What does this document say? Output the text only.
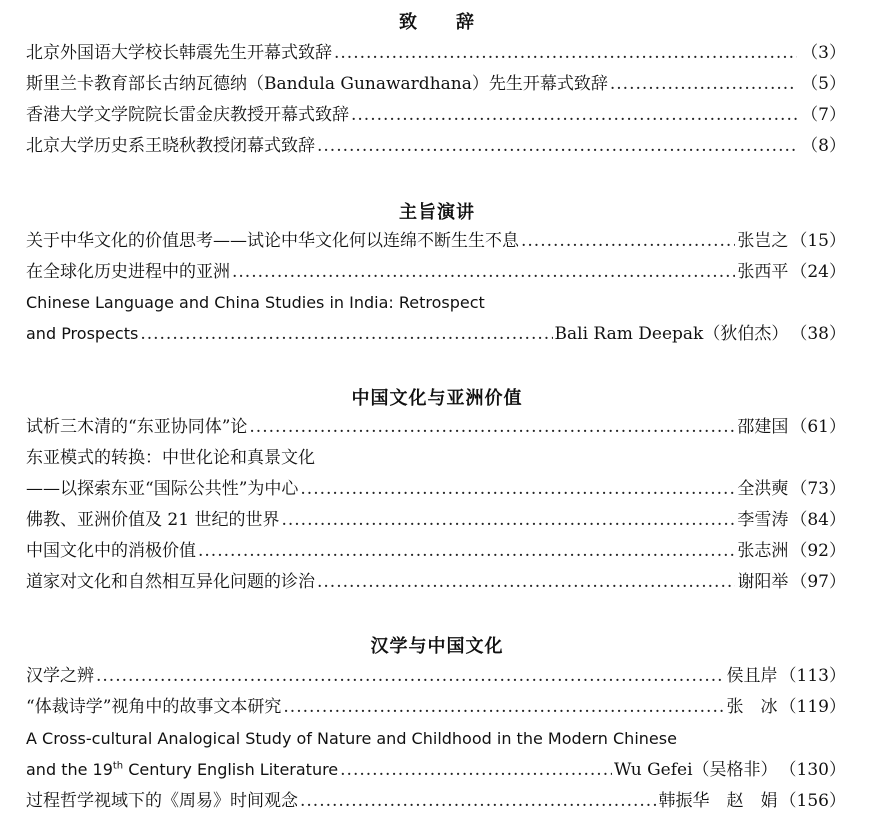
致　　辞
北京外国语大学校长韩震先生开幕式致辞 .....	（3）
斯里兰卡教育部长古纳瓦德纳（Bandula Gunawardhana）先生开幕式致辞 .....	（5）
香港大学文学院院长雷金庆教授开幕式致辞 .....	（7）
北京大学历史系王晓秋教授闭幕式致辞 .....	（8）
主旨演讲
关于中华文化的价值思考——试论中华文化何以连绵不断生生不息 .....	张岂之 （15）
在全球化历史进程中的亚洲 .....	张西平 （24）
Chinese Language and China Studies in India: Retrospect
and Prospects .....	Bali Ram Deepak（狄伯杰） （38）
中国文化与亚洲价值
试析三木清的“东亚协同体”论 .....	邵建国 （61）
东亚模式的转换：中世化论和真景文化
——以探索东亚“国际公共性”为中心 .....	全洪奭 （73）
佛教、亚洲价值及 21 世纪的世界 .....	李雪涛 （84）
中国文化中的消极价值 .....	张志洲 （92）
道家对文化和自然相互异化问题的诊治 .....	谢阳举 （97）
汉学与中国文化
汉学之辨 .....	侯且岸 （113）
“体裁诗学”视角中的故事文本研究 .....	张　冰 （119）
A Cross-cultural Analogical Study of Nature and Childhood in the Modern Chinese
and the 19th Century English Literature .....	Wu Gefei（吴格非） （130）
过程哲学视域下的《周易》时间观念 .....	韩振华　赵　娟 （156）
